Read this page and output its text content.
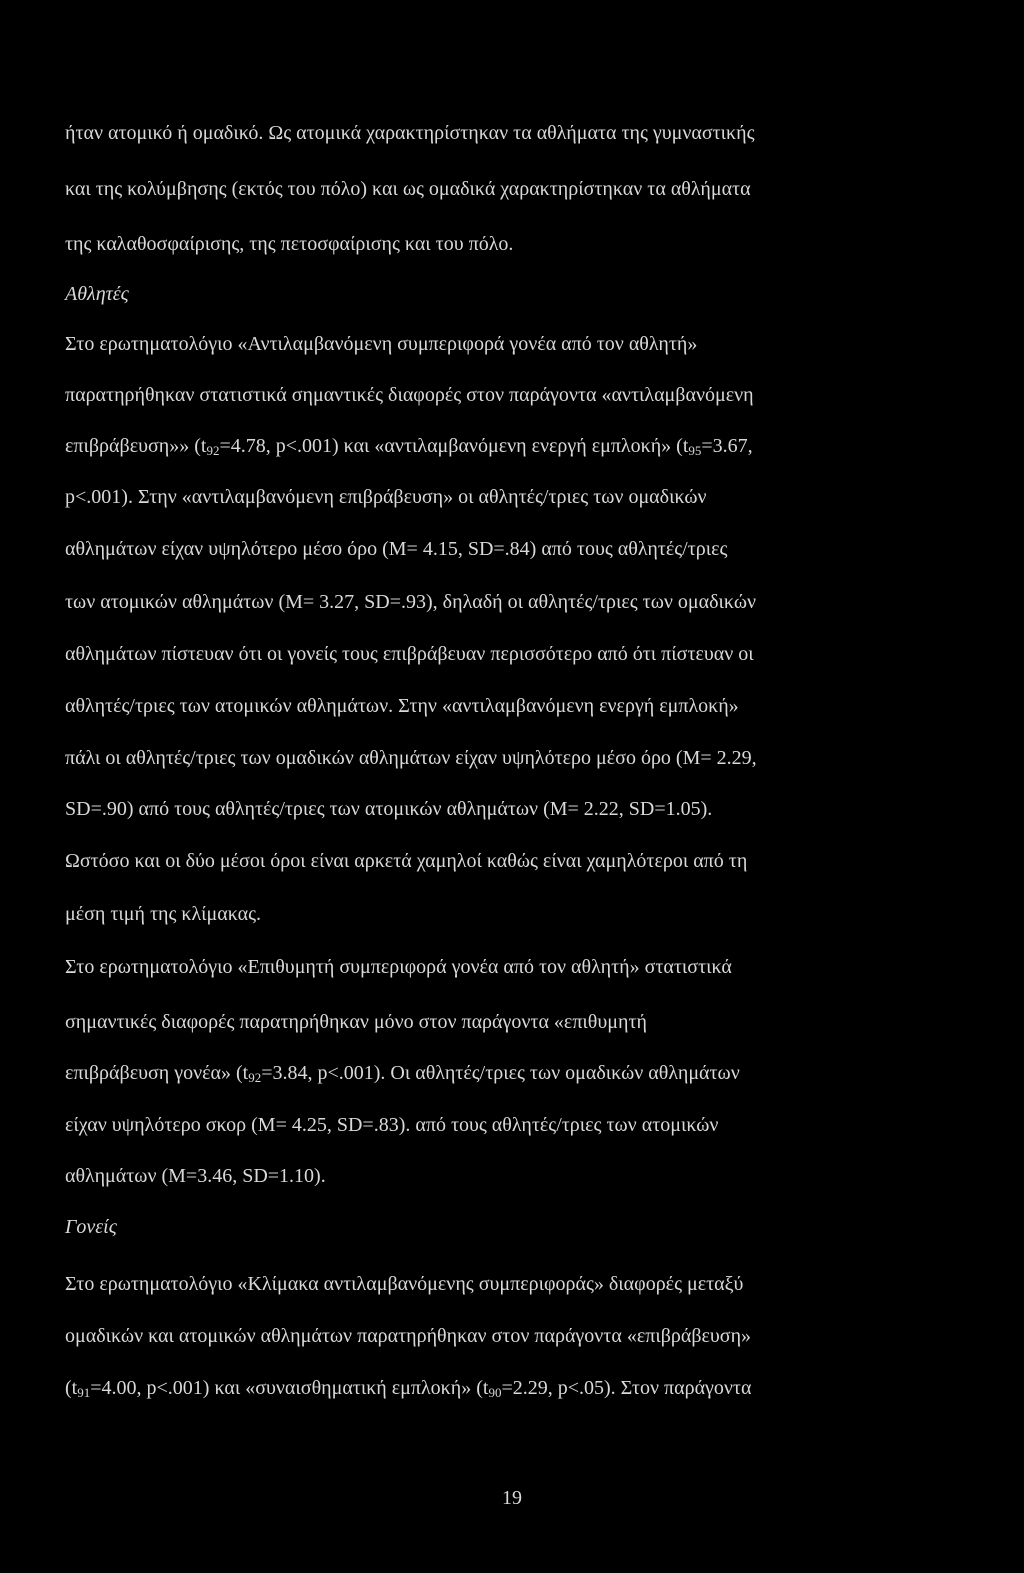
ήταν ατομικό ή ομαδικό. Ως ατομικά χαρακτηρίστηκαν τα αθλήματα της γυμναστικής

και της κολύμβησης (εκτός του πόλο) και ως ομαδικά χαρακτηρίστηκαν τα αθλήματα

της καλαθοσφαίρισης, της πετοσφαίρισης και του πόλο.

Αθλητές

Στο ερωτηματολόγιο «Αντιλαμβανόμενη συμπεριφορά γονέα από τον αθλητή»

παρατηρήθηκαν στατιστικά σημαντικές διαφορές στον παράγοντα «αντιλαμβανόμενη

επιβράβευση»» ($t_{92}=4.78$, p<.001) και «αντιλαμβανόμενη ενεργή εμπλοκή» ($t_{95}=3.67$,

p<.001). Στην «αντιλαμβανόμενη επιβράβευση» οι αθλητές/τριες των ομαδικών

αθλημάτων είχαν υψηλότερο μέσο όρο (Μ= 4.15, SD=.84) από τους αθλητές/τριες

των ατομικών αθλημάτων (Μ= 3.27, SD=.93), δηλαδή οι αθλητές/τριες των ομαδικών

αθλημάτων πίστευαν ότι οι γονείς τους επιβράβευαν περισσότερο από ότι πίστευαν οι

αθλητές/τριες των ατομικών αθλημάτων. Στην «αντιλαμβανόμενη ενεργή εμπλοκή»

πάλι οι αθλητές/τριες των ομαδικών αθλημάτων είχαν υψηλότερο μέσο όρο (Μ= 2.29,

SD=.90) από τους αθλητές/τριες των ατομικών αθλημάτων (Μ= 2.22, SD=1.05).

Ωστόσο και οι δύο μέσοι όροι είναι αρκετά χαμηλοί καθώς είναι χαμηλότεροι από τη

μέση τιμή της κλίμακας.

Στο ερωτηματολόγιο «Επιθυμητή συμπεριφορά γονέα από τον αθλητή» στατιστικά

σημαντικές διαφορές παρατηρήθηκαν μόνο στον παράγοντα «επιθυμητή

επιβράβευση γονέα» ($t_{92}=3.84$, p<.001). Οι αθλητές/τριες των ομαδικών αθλημάτων

είχαν υψηλότερο σκορ (Μ= 4.25, SD=.83). από τους αθλητές/τριες των ατομικών

αθλημάτων (Μ=3.46, SD=1.10).

Γονείς

Στο ερωτηματολόγιο «Κλίμακα αντιλαμβανόμενης συμπεριφοράς» διαφορές μεταξύ

ομαδικών και ατομικών αθλημάτων παρατηρήθηκαν στον παράγοντα «επιβράβευση»

($t_{91}=4.00$, p<.001) και «συναισθηματική εμπλοκή» ($t_{90}=2.29$, p<.05). Στον παράγοντα

19
